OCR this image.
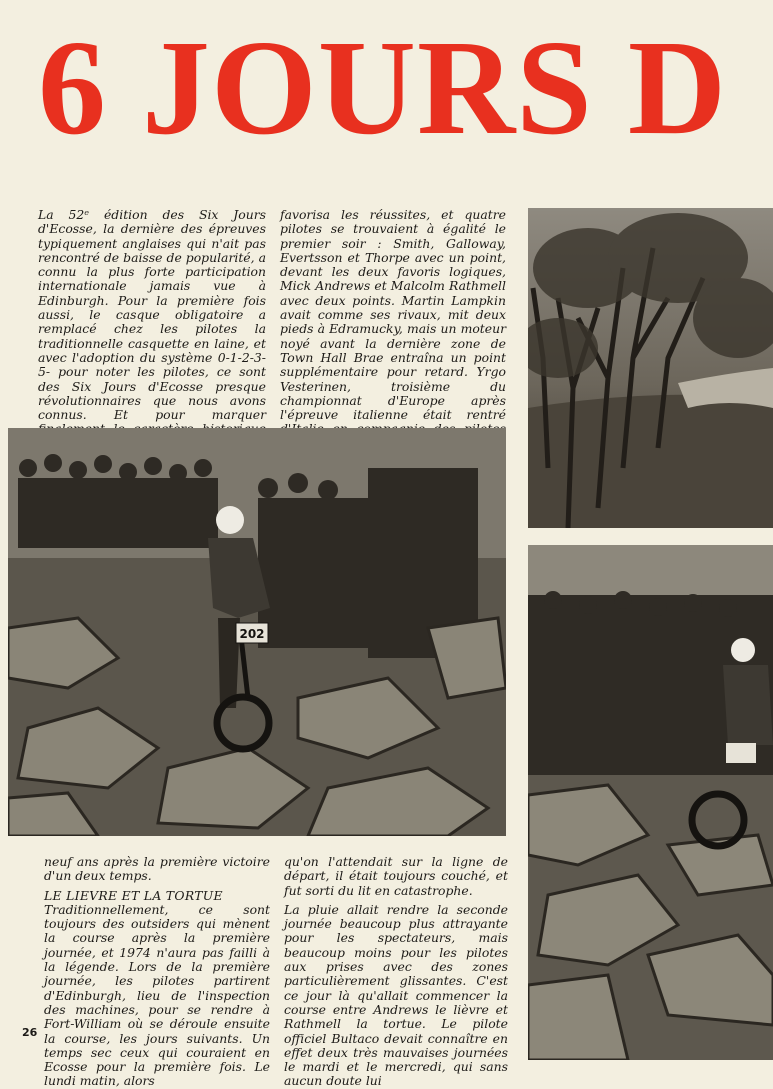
6 JOURS D

La 52ᵉ édition des Six Jours d'Ecosse, la dernière des épreuves typiquement anglaises qui n'ait pas rencontré de baisse de popularité, a connu la plus forte participation internationale jamais vue à Edinburgh. Pour la première fois aussi, le casque obligatoire a remplacé chez les pilotes la traditionnelle casquette en laine, et avec l'adoption du système 0-1-2-3-5- pour noter les pilotes, ce sont des Six Jours d'Ecosse presque révolutionnaires que nous avons connus. Et pour marquer

favorisa les réussites, et quatre pilotes se trouvaient à égalité le premier soir : Smith, Galloway, Evertsson et Thorpe avec un point, devant les deux favoris logiques, Mick Andrews et Malcolm Rathmell avec deux points. Martin Lampkin avait comme ses rivaux, mit deux pieds à Edramucky, mais un moteur noyé avant la dernière zone de Town Hall Brae entraîna un point supplémentaire pour retard. Yrgo Vesterinen, troisième du championnat d'Europe après l'épreuve italienne était rentré

202

neuf ans après la première victoire d'un deux temps.

LE LIEVRE ET LA TORTUE

Traditionnellement, ce sont toujours des outsiders qui mènent la course après la première journée, et 1974 n'aura pas failli à la légende. Lors de la première journée, les pilotes partirent d'Edinburgh, lieu de l'inspection des machines, pour se rendre à Fort-William où se déroule ensuite la course, les jours suivants. Un temps sec ceux qui couraient en Ecosse pour la première fois. Le lundi matin, alors

qu'on l'attendait sur la ligne de départ, il était toujours couché, et fut sorti du lit en catastrophe.

La pluie allait rendre la seconde journée beaucoup plus attrayante pour les spectateurs, mais beaucoup moins pour les pilotes aux prises avec des zones particulièrement glissantes. C'est ce jour là qu'allait commencer la course entre Andrews le lièvre et Rathmell la tortue. Le pilote officiel Bultaco devait connaître en effet deux très mauvaises journées le mardi et le mercredi, qui sans aucun doute lui

26
